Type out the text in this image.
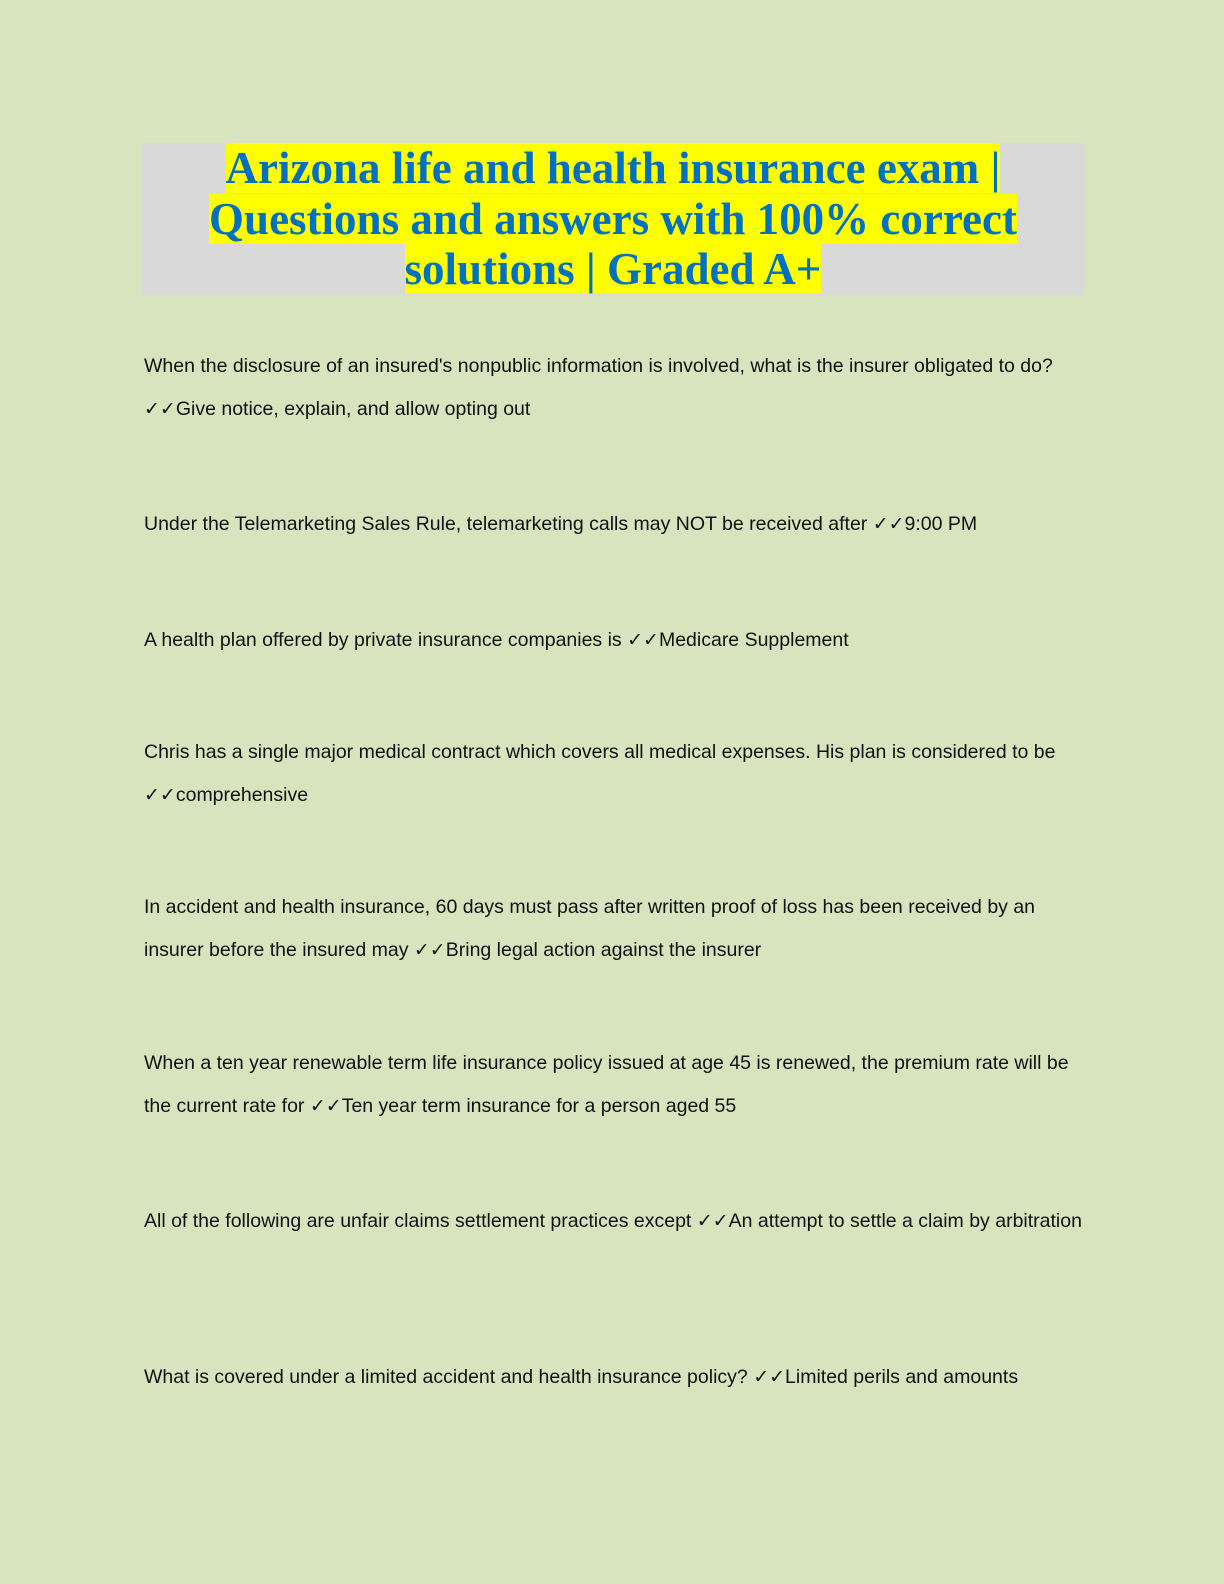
Arizona life and health insurance exam | Questions and answers with 100% correct solutions | Graded A+

When the disclosure of an insured's nonpublic information is involved, what is the insurer obligated to do? ✓✓Give notice, explain, and allow opting out

Under the Telemarketing Sales Rule, telemarketing calls may NOT be received after ✓✓9:00 PM

A health plan offered by private insurance companies is ✓✓Medicare Supplement

Chris has a single major medical contract which covers all medical expenses. His plan is considered to be ✓✓comprehensive

In accident and health insurance, 60 days must pass after written proof of loss has been received by an insurer before the insured may ✓✓Bring legal action against the insurer

When a ten year renewable term life insurance policy issued at age 45 is renewed, the premium rate will be the current rate for ✓✓Ten year term insurance for a person aged 55

All of the following are unfair claims settlement practices except ✓✓An attempt to settle a claim by arbitration

What is covered under a limited accident and health insurance policy? ✓✓Limited perils and amounts
